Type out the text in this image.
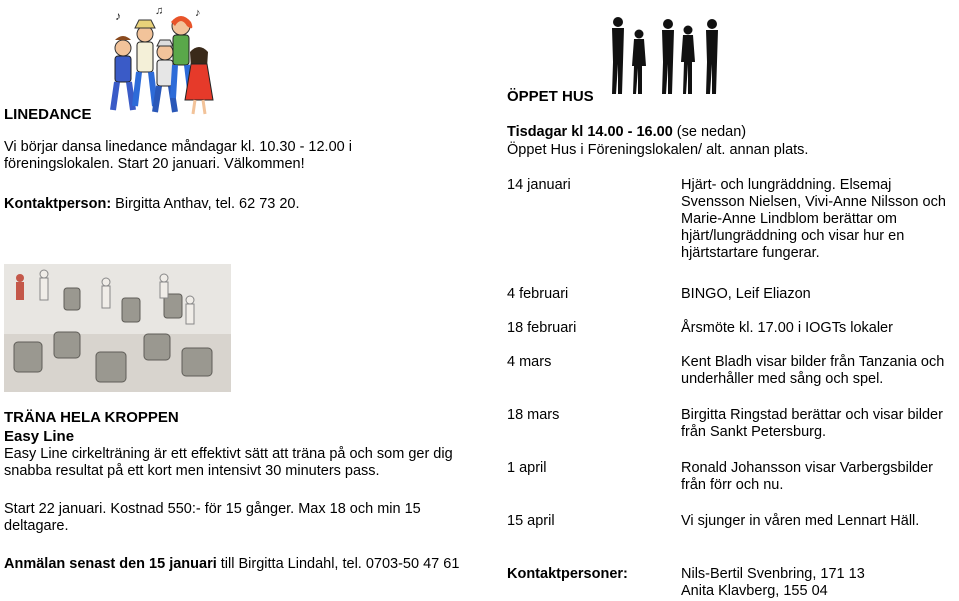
♪	♫	♪
LINEDANCE

Vi börjar dansa linedance måndagar kl. 10.30 - 12.00 i föreningslokalen. Start 20 januari. Välkommen!

Kontaktperson: Birgitta Anthav, tel. 62 73 20.

TRÄNA HELA KROPPEN
Easy Line

Easy Line cirkelträning är ett effektivt sätt att träna på och som ger dig snabba resultat på ett kort men intensivt 30 minuters pass.

Start 22 januari. Kostnad 550:- för 15 gånger. Max 18 och min 15 deltagare.

Anmälan senast den 15 januari till Birgitta Lindahl, tel. 0703-50 47 61

ÖPPET HUS

Tisdagar kl 14.00 - 16.00 (se nedan)

Öppet Hus i Föreningslokalen/ alt. annan plats.

14 januari	Hjärt- och lungräddning. Elsemaj Svensson Nielsen, Vivi-Anne Nilsson och Marie-Anne Lindblom berättar om hjärt/lungräddning och visar hur en hjärtstartare fungerar.
4 februari	BINGO, Leif Eliazon
18 februari	Årsmöte kl. 17.00 i IOGTs lokaler
4 mars	Kent Bladh visar bilder från Tanzania och underhåller med sång och spel.
18 mars	Birgitta Ringstad berättar och visar bilder från Sankt Petersburg.
1 april	Ronald Johansson visar Varbergsbilder från förr och nu.
15 april	Vi sjunger in våren med Lennart Häll.
Kontaktpersoner:	Nils-Bertil Svenbring, 171 13
Anita Klavberg, 155 04
